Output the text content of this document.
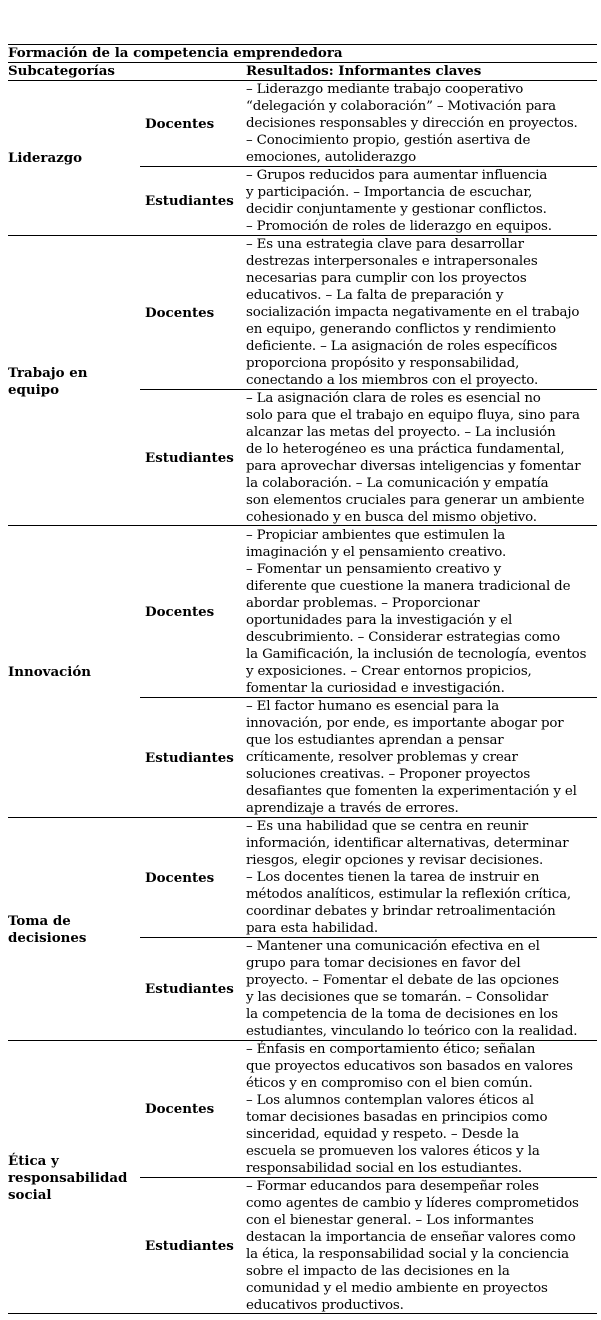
Formación de la competencia emprendedora
Subcategorías	Resultados: Informantes claves
Liderazgo
Docentes
– Liderazgo mediante trabajo cooperativo
“delegación y colaboración” – Motivación para
decisiones responsables y dirección en proyectos.
– Conocimiento propio, gestión asertiva de
emociones, autoliderazgo
Estudiantes
– Grupos reducidos para aumentar influencia
y participación. – Importancia de escuchar,
decidir conjuntamente y gestionar conflictos.
– Promoción de roles de liderazgo en equipos.
Trabajo en
equipo
Docentes
– Es una estrategia clave para desarrollar
destrezas interpersonales e intrapersonales
necesarias para cumplir con los proyectos
educativos. – La falta de preparación y
socialización impacta negativamente en el trabajo
en equipo, generando conflictos y rendimiento
deficiente. – La asignación de roles específicos
proporciona propósito y responsabilidad,
conectando a los miembros con el proyecto.
Estudiantes
– La asignación clara de roles es esencial no
solo para que el trabajo en equipo fluya, sino para
alcanzar las metas del proyecto. – La inclusión
de lo heterogéneo es una práctica fundamental,
para aprovechar diversas inteligencias y fomentar
la colaboración. – La comunicación y empatía
son elementos cruciales para generar un ambiente
cohesionado y en busca del mismo objetivo.
Innovación
Docentes
– Propiciar ambientes que estimulen la
imaginación y el pensamiento creativo.
– Fomentar un pensamiento creativo y
diferente que cuestione la manera tradicional de
abordar problemas. – Proporcionar
oportunidades para la investigación y el
descubrimiento. – Considerar estrategias como
la Gamificación, la inclusión de tecnología, eventos
y exposiciones. – Crear entornos propicios,
fomentar la curiosidad e investigación.
Estudiantes
– El factor humano es esencial para la
innovación, por ende, es importante abogar por
que los estudiantes aprendan a pensar
críticamente, resolver problemas y crear
soluciones creativas. – Proponer proyectos
desafiantes que fomenten la experimentación y el
aprendizaje a través de errores.
Toma de
decisiones
Docentes
– Es una habilidad que se centra en reunir
información, identificar alternativas, determinar
riesgos, elegir opciones y revisar decisiones.
– Los docentes tienen la tarea de instruir en
métodos analíticos, estimular la reflexión crítica,
coordinar debates y brindar retroalimentación
para esta habilidad.
Estudiantes
– Mantener una comunicación efectiva en el
grupo para tomar decisiones en favor del
proyecto. – Fomentar el debate de las opciones
y las decisiones que se tomarán. – Consolidar
la competencia de la toma de decisiones en los
estudiantes, vinculando lo teórico con la realidad.
Ética y
responsabilidad
social
Docentes
– Énfasis en comportamiento ético; señalan
que proyectos educativos son basados en valores
éticos y en compromiso con el bien común.
– Los alumnos contemplan valores éticos al
tomar decisiones basadas en principios como
sinceridad, equidad y respeto. – Desde la
escuela se promueven los valores éticos y la
responsabilidad social en los estudiantes.
Estudiantes
– Formar educandos para desempeñar roles
como agentes de cambio y líderes comprometidos
con el bienestar general. – Los informantes
destacan la importancia de enseñar valores como
la ética, la responsabilidad social y la conciencia
sobre el impacto de las decisiones en la
comunidad y el medio ambiente en proyectos
educativos productivos.
